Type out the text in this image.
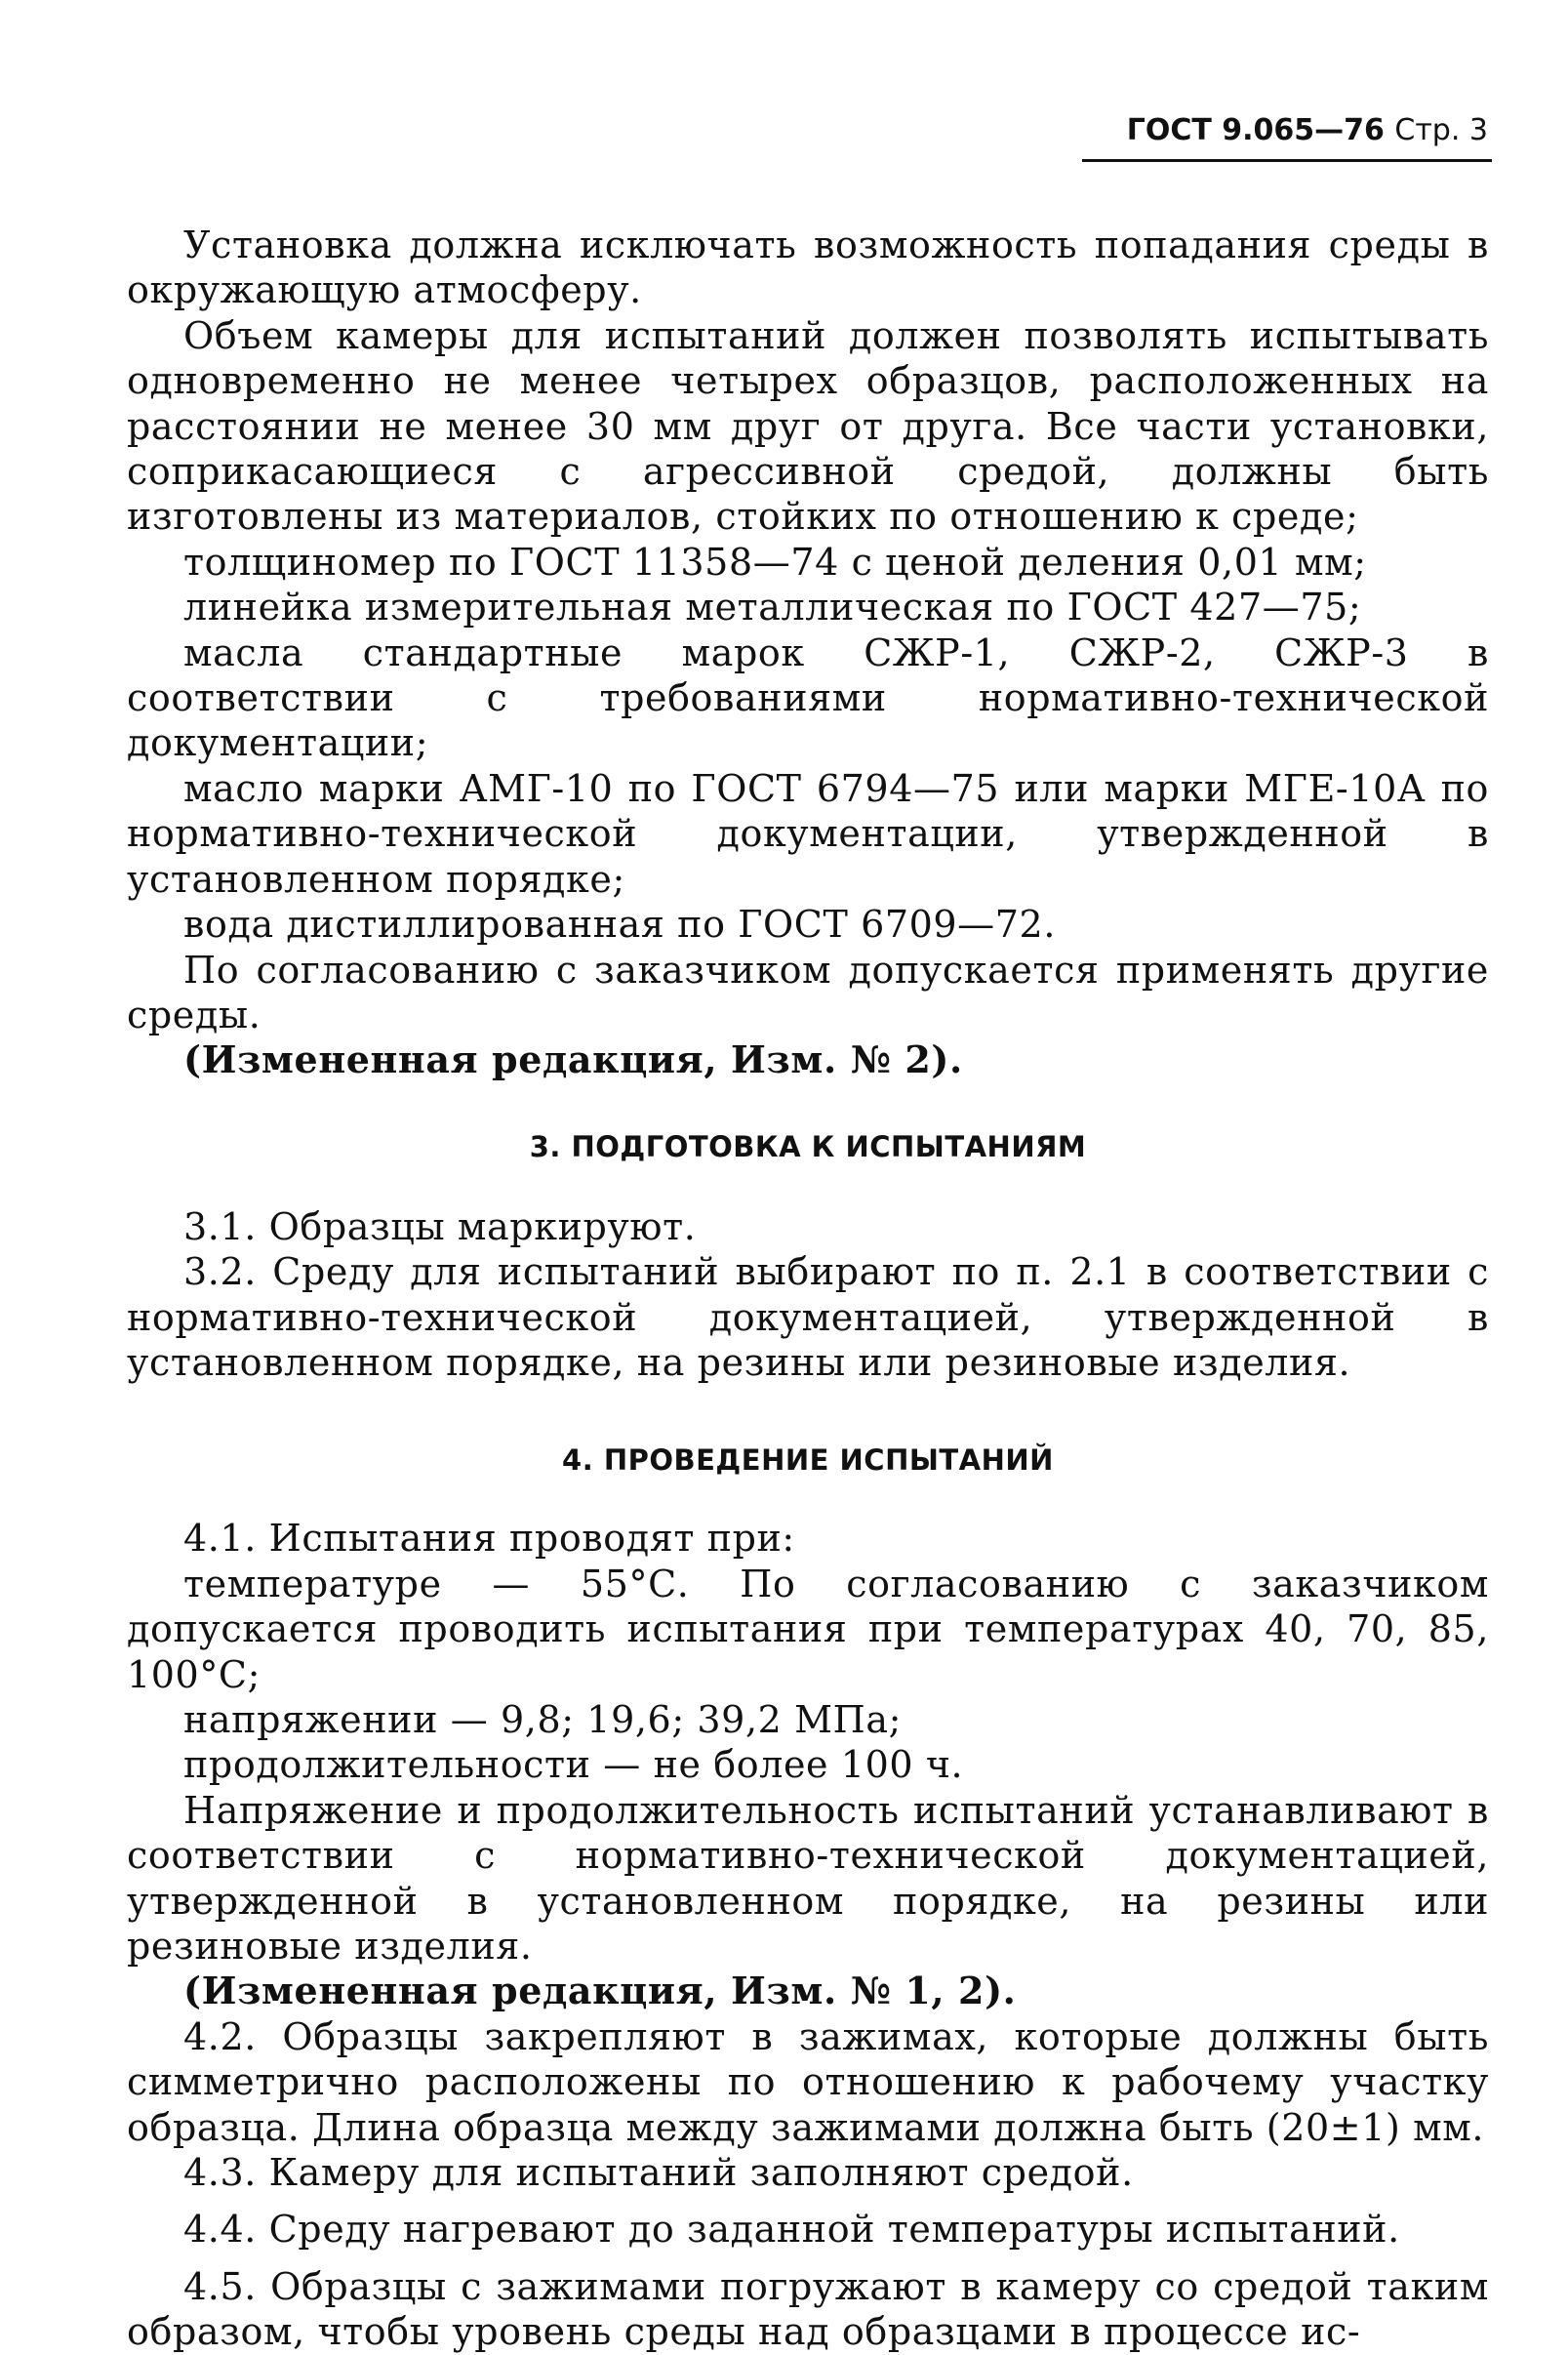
ГОСТ 9.065—76 Стр. 3

Установка должна исключать возможность попадания среды в окружающую атмосферу.

Объем камеры для испытаний должен позволять испытывать одновременно не менее четырех образцов, расположенных на расстоянии не менее 30 мм друг от друга. Все части установки, соприкасающиеся с агрессивной средой, должны быть изготовлены из материалов, стойких по отношению к среде;

толщиномер по ГОСТ 11358—74 с ценой деления 0,01 мм;

линейка измерительная металлическая по ГОСТ 427—75;

масла стандартные марок СЖР-1, СЖР-2, СЖР-3 в соответствии с требованиями нормативно-технической документации;

масло марки АМГ-10 по ГОСТ 6794—75 или марки МГЕ-10А по нормативно-технической документации, утвержденной в установленном порядке;

вода дистиллированная по ГОСТ 6709—72.

По согласованию с заказчиком допускается применять другие среды.

(Измененная редакция, Изм. № 2).

3. ПОДГОТОВКА К ИСПЫТАНИЯМ

3.1. Образцы маркируют.

3.2. Среду для испытаний выбирают по п. 2.1 в соответствии с нормативно-технической документацией, утвержденной в установленном порядке, на резины или резиновые изделия.

4. ПРОВЕДЕНИЕ ИСПЫТАНИЙ

4.1. Испытания проводят при:

температуре — 55°С. По согласованию с заказчиком допускается проводить испытания при температурах 40, 70, 85, 100°С;

напряжении — 9,8; 19,6; 39,2 МПа;

продолжительности — не более 100 ч.

Напряжение и продолжительность испытаний устанавливают в соответствии с нормативно-технической документацией, утвержденной в установленном порядке, на резины или резиновые изделия.

(Измененная редакция, Изм. № 1, 2).

4.2. Образцы закрепляют в зажимах, которые должны быть симметрично расположены по отношению к рабочему участку образца. Длина образца между зажимами должна быть (20±1) мм.

4.3. Камеру для испытаний заполняют средой.

4.4. Среду нагревают до заданной температуры испытаний.

4.5. Образцы с зажимами погружают в камеру со средой таким образом, чтобы уровень среды над образцами в процессе ис-
